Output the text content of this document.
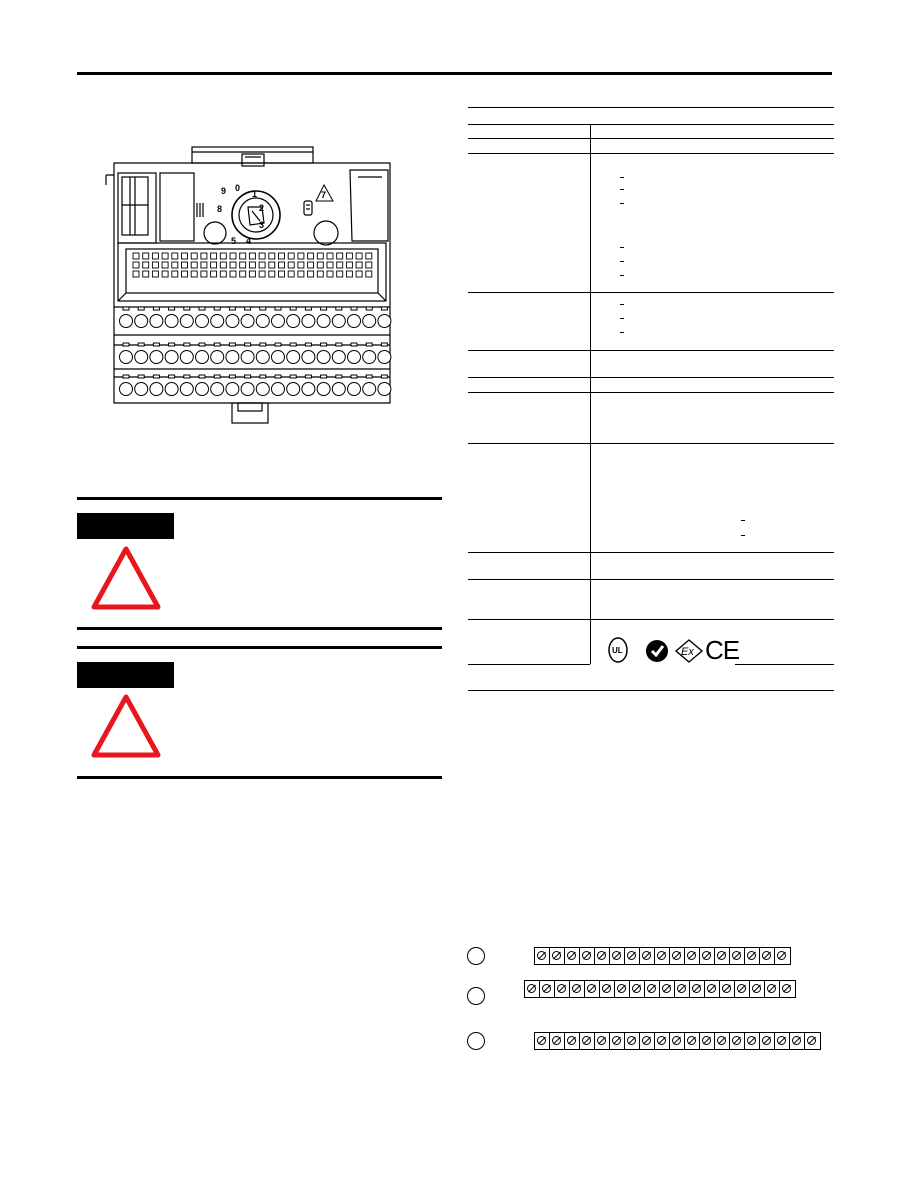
9 0
1
2
3
4
5
8
7
UL	Ex CE
